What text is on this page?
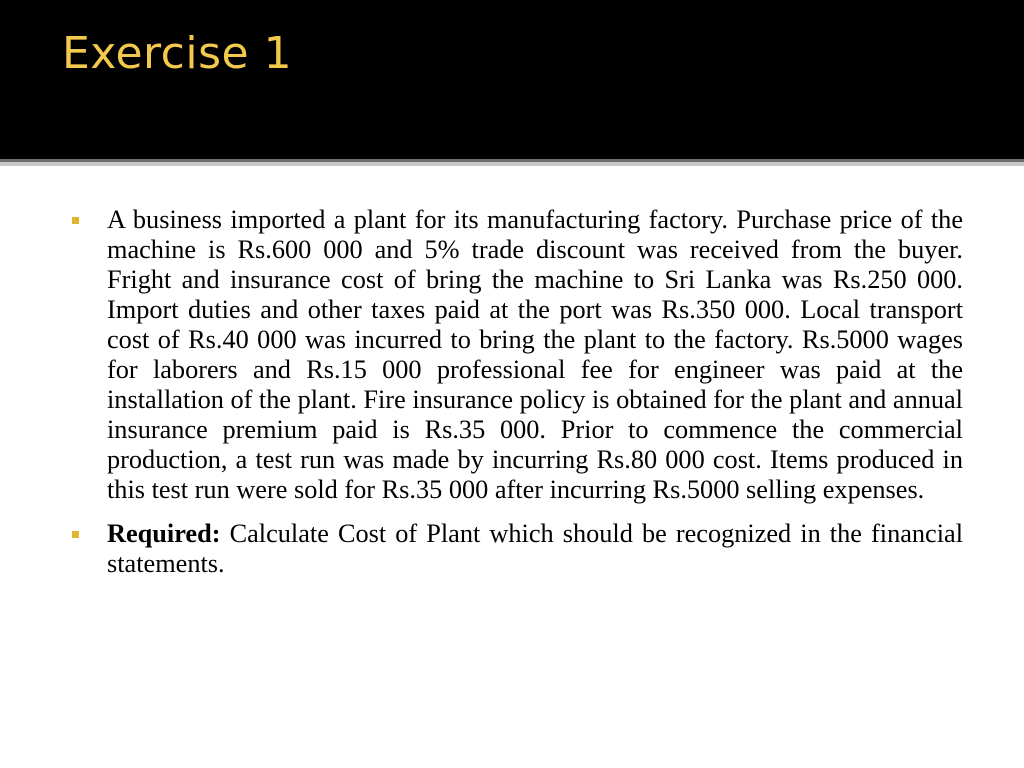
Exercise 1
A business imported a plant for its manufacturing factory. Purchase price of the machine is Rs.600 000 and 5% trade discount was received from the buyer. Fright and insurance cost of bring the machine to Sri Lanka was Rs.250 000. Import duties and other taxes paid at the port was Rs.350 000. Local transport cost of Rs.40 000 was incurred to bring the plant to the factory. Rs.5000 wages for laborers and Rs.15 000 professional fee for engineer was paid at the installation of the plant. Fire insurance policy is obtained for the plant and annual insurance premium paid is Rs.35 000. Prior to commence the commercial production, a test run was made by incurring Rs.80 000 cost. Items produced in this test run were sold for Rs.35 000 after incurring Rs.5000 selling expenses.
Required: Calculate Cost of Plant which should be recognized in the financial statements.
